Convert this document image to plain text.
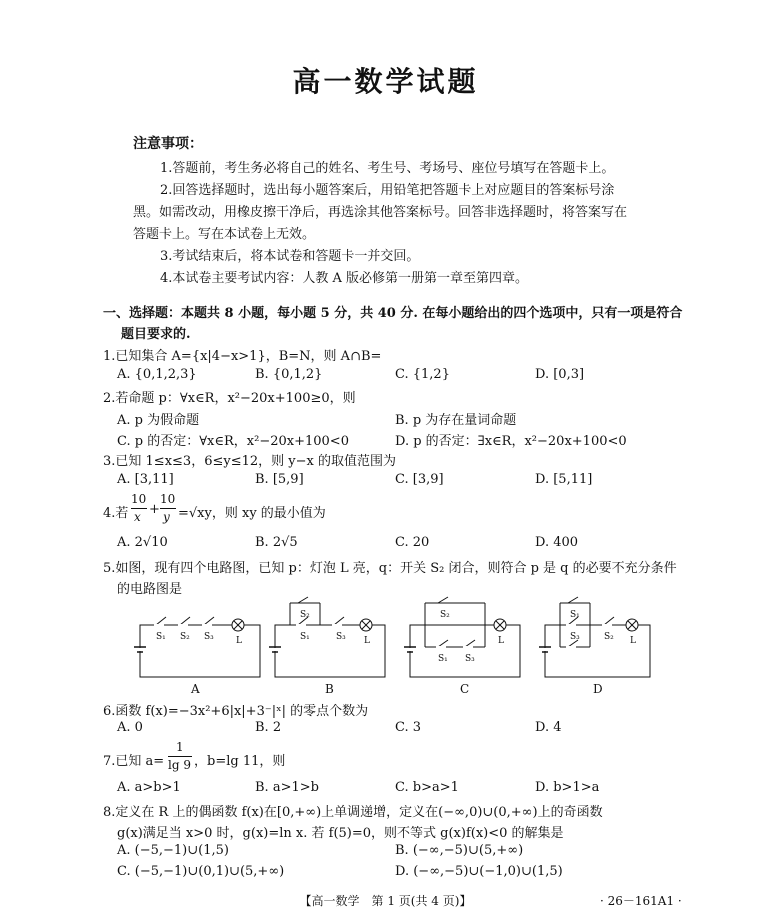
高一数学试题
注意事项：
1.答题前，考生务必将自己的姓名、考生号、考场号、座位号填写在答题卡上。
2.回答选择题时，选出每小题答案后，用铅笔把答题卡上对应题目的答案标号涂
黑。如需改动，用橡皮擦干净后，再选涂其他答案标号。回答非选择题时，将答案写在
答题卡上。写在本试卷上无效。
3.考试结束后，将本试卷和答题卡一并交回。
4.本试卷主要考试内容：人教 A 版必修第一册第一章至第四章。
一、选择题：本题共 8 小题，每小题 5 分，共 40 分. 在每小题给出的四个选项中，只有一项是符合
题目要求的.
1.已知集合 A={x|4−x>1}，B=N，则 A∩B=
A. {0,1,2,3}	B. {0,1,2}	C. {1,2}	D. [0,3]
2.若命题 p：∀x∈R，x²−20x+100≥0，则
A. p 为假命题	B. p 为存在量词命题
C. p 的否定：∀x∈R，x²−20x+100<0	D. p 的否定：∃x∈R，x²−20x+100<0
3.已知 1≤x≤3，6≤y≤12，则 y−x 的取值范围为
A. [3,11]	B. [5,9]	C. [3,9]	D. [5,11]
4.若
10
x +
10
y =√xy，则 xy 的最小值为
A. 2√10	B. 2√5	C. 20	D. 400
5.如图，现有四个电路图，已知 p：灯泡 L 亮，q：开关 S₂ 闭合，则符合 p 是 q 的必要不充分条件
的电路图是
S₁ S₂ S₃ L
A
S₂
S₁	S₃ L
B
S₂
S₁ S₃
L
C
S₁
S₃	S₂ L
D
6.函数 f(x)=−3x²+6|x|+3⁻|ˣ| 的零点个数为
A. 0	B. 2	C. 3	D. 4
7.已知 a=
1
lg 9 ，b=lg 11，则
A. a>b>1	B. a>1>b	C. b>a>1	D. b>1>a
8.定义在 R 上的偶函数 f(x)在[0,+∞)上单调递增，定义在(−∞,0)∪(0,+∞)上的奇函数
g(x)满足当 x>0 时，g(x)=ln x. 若 f(5)=0，则不等式 g(x)f(x)<0 的解集是
A. (−5,−1)∪(1,5)	B. (−∞,−5)∪(5,+∞)
C. (−5,−1)∪(0,1)∪(5,+∞)	D. (−∞,−5)∪(−1,0)∪(1,5)
【高一数学　第 1 页(共 4 页)】	· 26－161A1 ·
